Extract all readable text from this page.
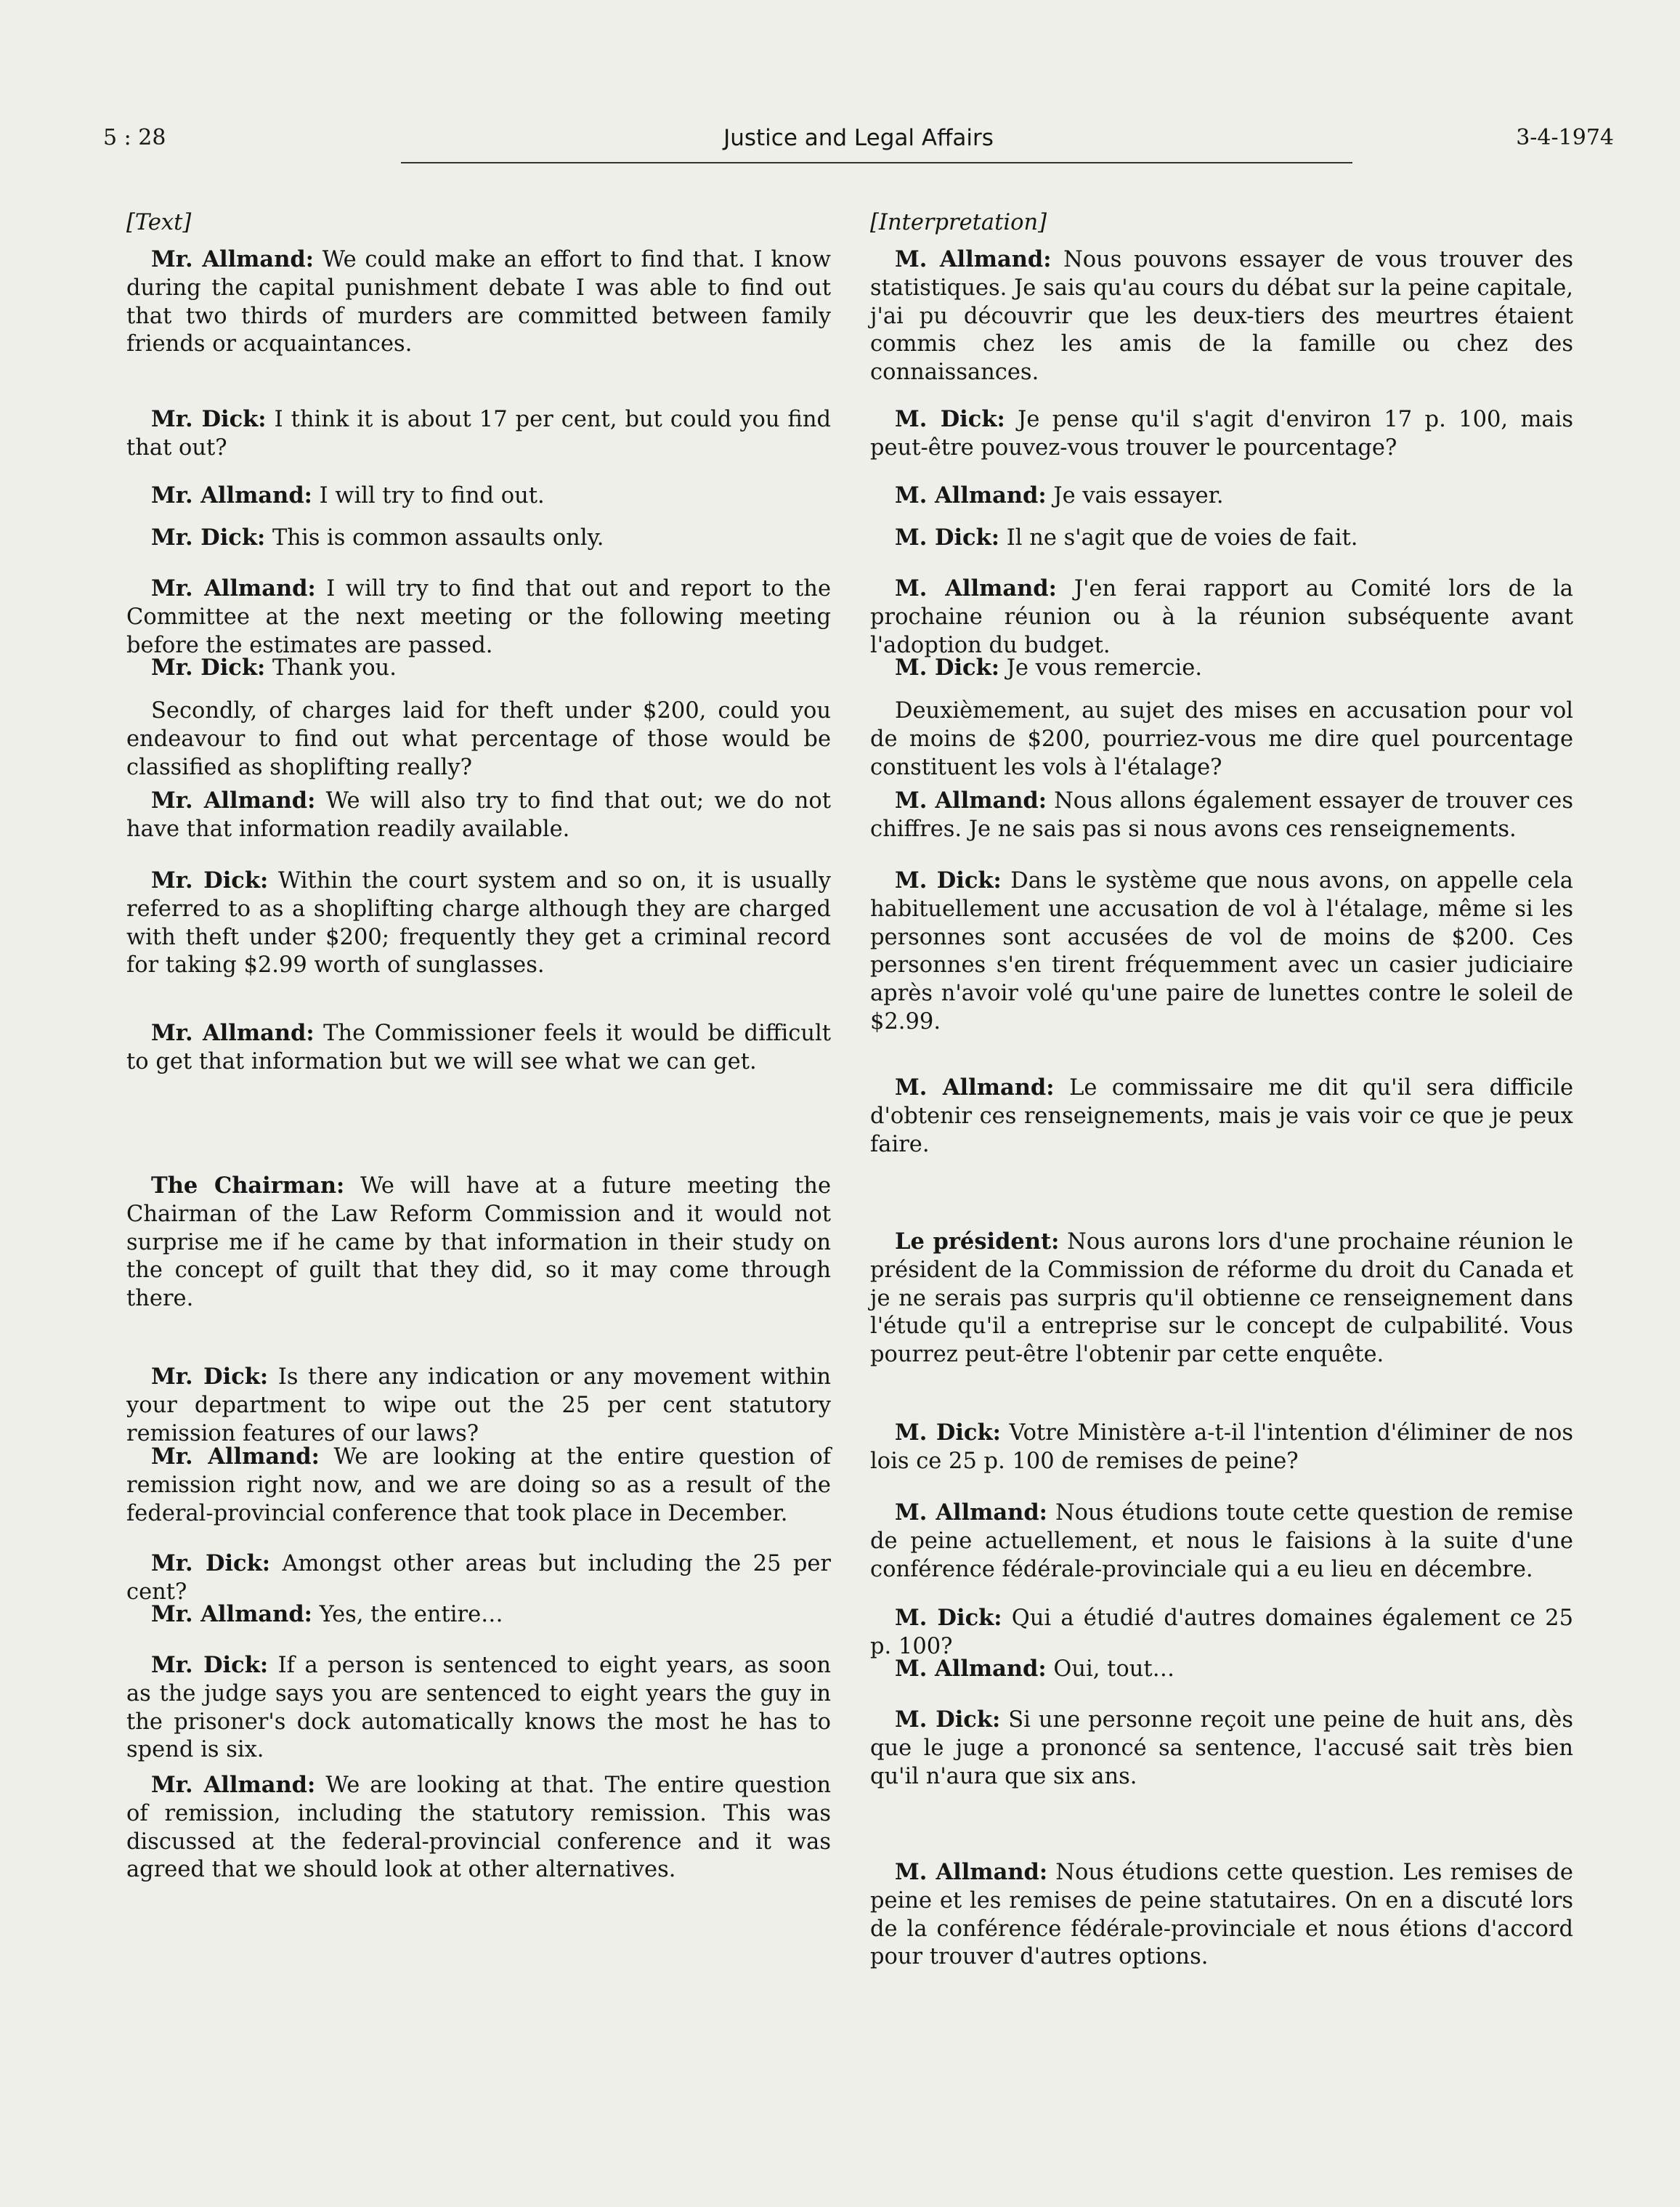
5 : 28	Justice and Legal Affairs	3-4-1974
[Text]

Mr. Allmand: We could make an effort to find that. I know during the capital punishment debate I was able to find out that two thirds of murders are committed between family friends or acquaintances.

Mr. Dick: I think it is about 17 per cent, but could you find that out?

Mr. Allmand: I will try to find out.

Mr. Dick: This is common assaults only.

Mr. Allmand: I will try to find that out and report to the Committee at the next meeting or the following meeting before the estimates are passed.

Mr. Dick: Thank you.

Secondly, of charges laid for theft under $200, could you endeavour to find out what percentage of those would be classified as shoplifting really?

Mr. Allmand: We will also try to find that out; we do not have that information readily available.

Mr. Dick: Within the court system and so on, it is usually referred to as a shoplifting charge although they are charged with theft under $200; frequently they get a criminal record for taking $2.99 worth of sunglasses.

Mr. Allmand: The Commissioner feels it would be difficult to get that information but we will see what we can get.

The Chairman: We will have at a future meeting the Chairman of the Law Reform Commission and it would not surprise me if he came by that information in their study on the concept of guilt that they did, so it may come through there.

Mr. Dick: Is there any indication or any movement within your department to wipe out the 25 per cent statutory remission features of our laws?

Mr. Allmand: We are looking at the entire question of remission right now, and we are doing so as a result of the federal-provincial conference that took place in December.

Mr. Dick: Amongst other areas but including the 25 per cent?

Mr. Allmand: Yes, the entire…

Mr. Dick: If a person is sentenced to eight years, as soon as the judge says you are sentenced to eight years the guy in the prisoner's dock automatically knows the most he has to spend is six.

Mr. Allmand: We are looking at that. The entire question of remission, including the statutory remission. This was discussed at the federal-provincial conference and it was agreed that we should look at other alternatives.

[Interpretation]

M. Allmand: Nous pouvons essayer de vous trouver des statistiques. Je sais qu'au cours du débat sur la peine capitale, j'ai pu découvrir que les deux-tiers des meurtres étaient commis chez les amis de la famille ou chez des connaissances.

M. Dick: Je pense qu'il s'agit d'environ 17 p. 100, mais peut-être pouvez-vous trouver le pourcentage?

M. Allmand: Je vais essayer.

M. Dick: Il ne s'agit que de voies de fait.

M. Allmand: J'en ferai rapport au Comité lors de la prochaine réunion ou à la réunion subséquente avant l'adoption du budget.

M. Dick: Je vous remercie.

Deuxièmement, au sujet des mises en accusation pour vol de moins de $200, pourriez-vous me dire quel pourcentage constituent les vols à l'étalage?

M. Allmand: Nous allons également essayer de trouver ces chiffres. Je ne sais pas si nous avons ces renseignements.

M. Dick: Dans le système que nous avons, on appelle cela habituellement une accusation de vol à l'étalage, même si les personnes sont accusées de vol de moins de $200. Ces personnes s'en tirent fréquemment avec un casier judiciaire après n'avoir volé qu'une paire de lunettes contre le soleil de $2.99.

M. Allmand: Le commissaire me dit qu'il sera difficile d'obtenir ces renseignements, mais je vais voir ce que je peux faire.

Le président: Nous aurons lors d'une prochaine réunion le président de la Commission de réforme du droit du Canada et je ne serais pas surpris qu'il obtienne ce renseignement dans l'étude qu'il a entreprise sur le concept de culpabilité. Vous pourrez peut-être l'obtenir par cette enquête.

M. Dick: Votre Ministère a-t-il l'intention d'éliminer de nos lois ce 25 p. 100 de remises de peine?

M. Allmand: Nous étudions toute cette question de remise de peine actuellement, et nous le faisions à la suite d'une conférence fédérale-provinciale qui a eu lieu en décembre.

M. Dick: Qui a étudié d'autres domaines également ce 25 p. 100?

M. Allmand: Oui, tout…

M. Dick: Si une personne reçoit une peine de huit ans, dès que le juge a prononcé sa sentence, l'accusé sait très bien qu'il n'aura que six ans.

M. Allmand: Nous étudions cette question. Les remises de peine et les remises de peine statutaires. On en a discuté lors de la conférence fédérale-provinciale et nous étions d'accord pour trouver d'autres options.
